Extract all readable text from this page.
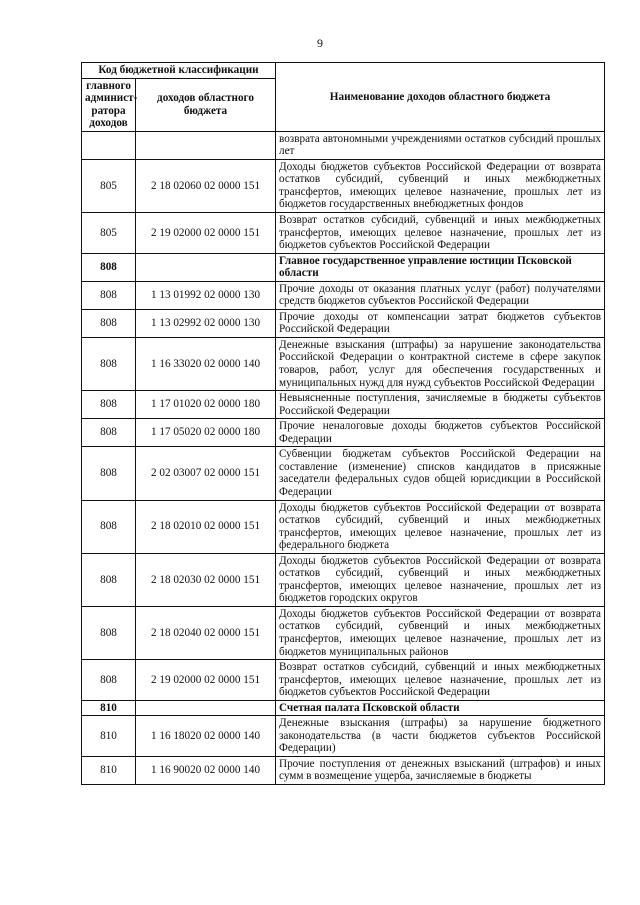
9
Код бюджетной классификации		Наименование доходов областного бюджета
главного админист-ратора доходов	доходов областного бюджета	
		возврата автономными учреждениями остатков субсидий прошлых лет
805	2 18 02060 02 0000 151	Доходы бюджетов субъектов Российской Федерации от возврата остатков субсидий, субвенций и иных межбюджетных трансфертов, имеющих целевое назначение, прошлых лет из бюджетов государственных внебюджетных фондов
805	2 19 02000 02 0000 151	Возврат остатков субсидий, субвенций и иных межбюджетных трансфертов, имеющих целевое назначение, прошлых лет из бюджетов субъектов Российской Федерации
808		Главное государственное управление юстиции Псковской области
808	1 13 01992 02 0000 130	Прочие доходы от оказания платных услуг (работ) получателями средств бюджетов субъектов Российской Федерации
808	1 13 02992 02 0000 130	Прочие доходы от компенсации затрат бюджетов субъектов Российской Федерации
808	1 16 33020 02 0000 140	Денежные взыскания (штрафы) за нарушение законодательства Российской Федерации о контрактной системе в сфере закупок товаров, работ, услуг для обеспечения государственных и муниципальных нужд для нужд субъектов Российской Федерации
808	1 17 01020 02 0000 180	Невыясненные поступления, зачисляемые в бюджеты субъектов Российской Федерации
808	1 17 05020 02 0000 180	Прочие неналоговые доходы бюджетов субъектов Российской Федерации
808	2 02 03007 02 0000 151	Субвенции бюджетам субъектов Российской Федерации на составление (изменение) списков кандидатов в присяжные заседатели федеральных судов общей юрисдикции в Российской Федерации
808	2 18 02010 02 0000 151	Доходы бюджетов субъектов Российской Федерации от возврата остатков субсидий, субвенций и иных межбюджетных трансфертов, имеющих целевое назначение, прошлых лет из федерального бюджета
808	2 18 02030 02 0000 151	Доходы бюджетов субъектов Российской Федерации от возврата остатков субсидий, субвенций и иных межбюджетных трансфертов, имеющих целевое назначение, прошлых лет из бюджетов городских округов
808	2 18 02040 02 0000 151	Доходы бюджетов субъектов Российской Федерации от возврата остатков субсидий, субвенций и иных межбюджетных трансфертов, имеющих целевое назначение, прошлых лет из бюджетов муниципальных районов
808	2 19 02000 02 0000 151	Возврат остатков субсидий, субвенций и иных межбюджетных трансфертов, имеющих целевое назначение, прошлых лет из бюджетов субъектов Российской Федерации
810		Счетная палата Псковской области
810	1 16 18020 02 0000 140	Денежные взыскания (штрафы) за нарушение бюджетного законодательства (в части бюджетов субъектов Российской Федерации)
810	1 16 90020 02 0000 140	Прочие поступления от денежных взысканий (штрафов) и иных сумм в возмещение ущерба, зачисляемые в бюджеты
